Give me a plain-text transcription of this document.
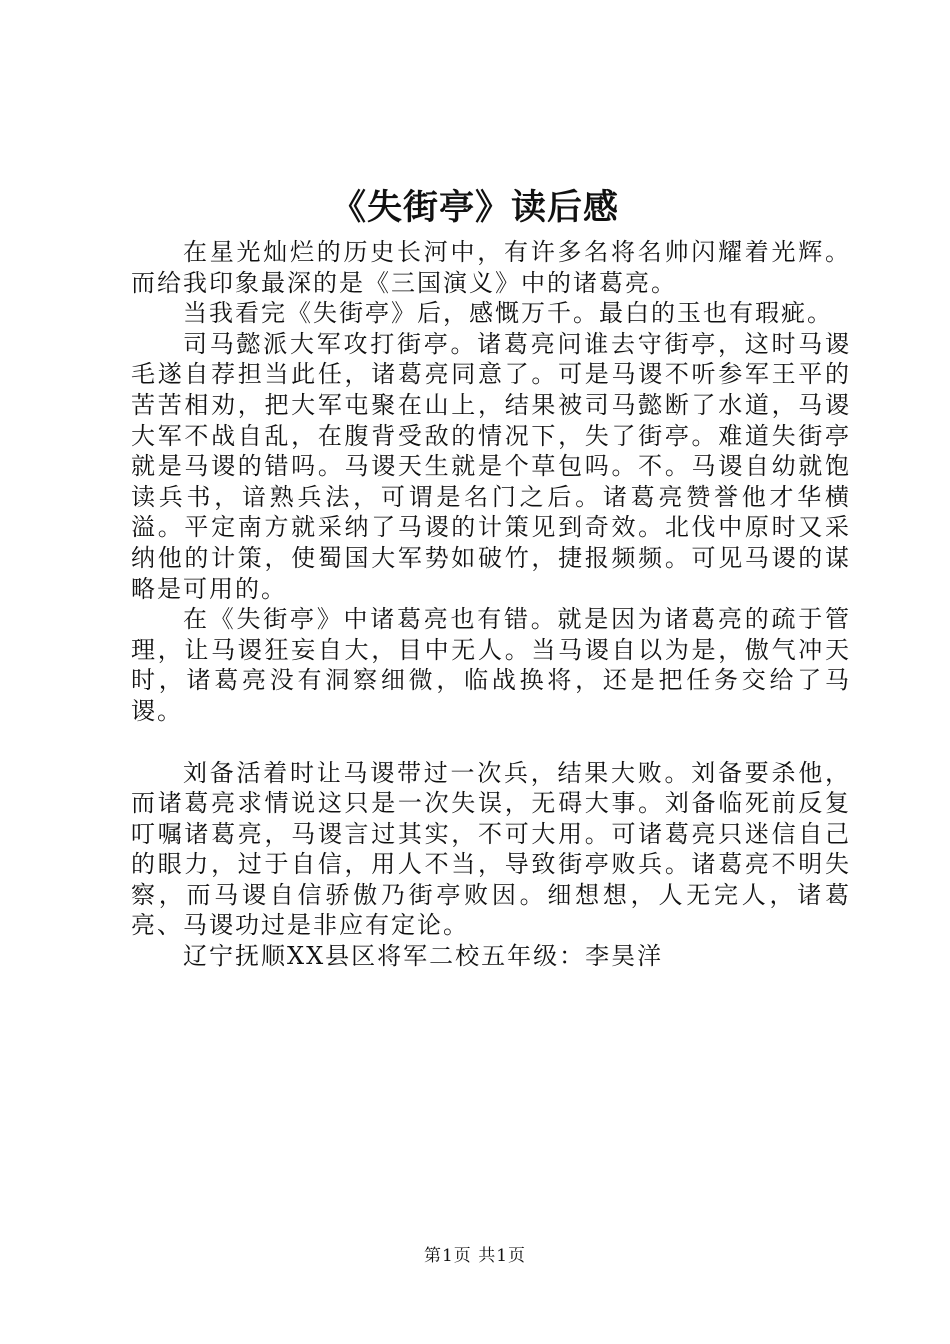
《失街亭》读后感

在星光灿烂的历史长河中，有许多名将名帅闪耀着光辉。而给我印象最深的是《三国演义》中的诸葛亮。

当我看完《失街亭》后，感慨万千。最白的玉也有瑕疵。

司马懿派大军攻打街亭。诸葛亮问谁去守街亭，这时马谡毛遂自荐担当此任，诸葛亮同意了。可是马谡不听参军王平的苦苦相劝，把大军屯聚在山上，结果被司马懿断了水道，马谡大军不战自乱，在腹背受敌的情况下，失了街亭。难道失街亭就是马谡的错吗。马谡天生就是个草包吗。不。马谡自幼就饱读兵书，谙熟兵法，可谓是名门之后。诸葛亮赞誉他才华横溢。平定南方就采纳了马谡的计策见到奇效。北伐中原时又采纳他的计策，使蜀国大军势如破竹，捷报频频。可见马谡的谋略是可用的。

在《失街亭》中诸葛亮也有错。就是因为诸葛亮的疏于管理，让马谡狂妄自大，目中无人。当马谡自以为是，傲气冲天时，诸葛亮没有洞察细微，临战换将，还是把任务交给了马谡。

刘备活着时让马谡带过一次兵，结果大败。刘备要杀他，而诸葛亮求情说这只是一次失误，无碍大事。刘备临死前反复叮嘱诸葛亮，马谡言过其实，不可大用。可诸葛亮只迷信自己的眼力，过于自信，用人不当，导致街亭败兵。诸葛亮不明失察，而马谡自信骄傲乃街亭败因。细想想，人无完人，诸葛亮、马谡功过是非应有定论。

辽宁抚顺XX县区将军二校五年级：李昊洋

第1页 共1页
